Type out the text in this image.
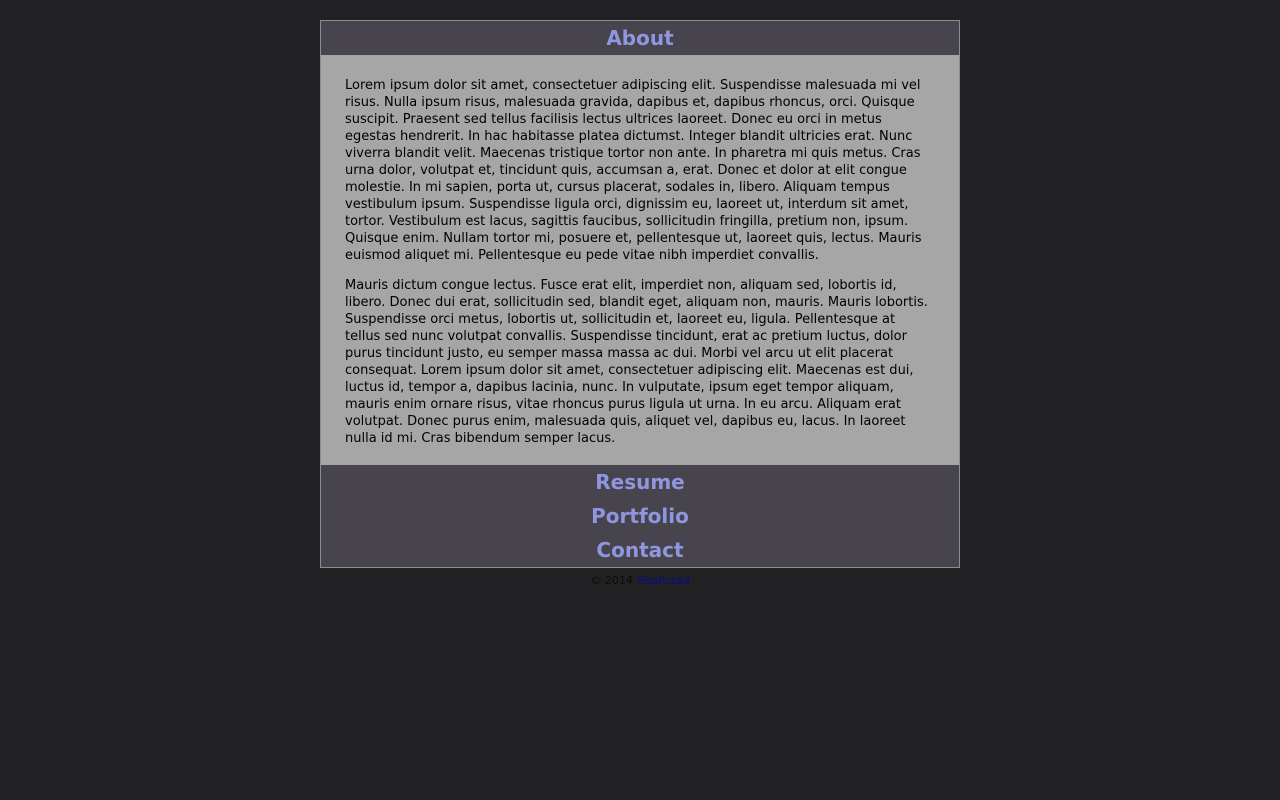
About

Lorem ipsum dolor sit amet, consectetuer adipiscing elit. Suspendisse malesuada mi vel risus. Nulla ipsum risus, malesuada gravida, dapibus et, dapibus rhoncus, orci. Quisque suscipit. Praesent sed tellus facilisis lectus ultrices laoreet. Donec eu orci in metus egestas hendrerit. In hac habitasse platea dictumst. Integer blandit ultricies erat. Nunc viverra blandit velit. Maecenas tristique tortor non ante. In pharetra mi quis metus. Cras urna dolor, volutpat et, tincidunt quis, accumsan a, erat. Donec et dolor at elit congue molestie. In mi sapien, porta ut, cursus placerat, sodales in, libero. Aliquam tempus vestibulum ipsum. Suspendisse ligula orci, dignissim eu, laoreet ut, interdum sit amet, tortor. Vestibulum est lacus, sagittis faucibus, sollicitudin fringilla, pretium non, ipsum. Quisque enim. Nullam tortor mi, posuere et, pellentesque ut, laoreet quis, lectus. Mauris euismod aliquet mi. Pellentesque eu pede vitae nibh imperdiet convallis.

Mauris dictum congue lectus. Fusce erat elit, imperdiet non, aliquam sed, lobortis id, libero. Donec dui erat, sollicitudin sed, blandit eget, aliquam non, mauris. Mauris lobortis. Suspendisse orci metus, lobortis ut, sollicitudin et, laoreet eu, ligula. Pellentesque at tellus sed nunc volutpat convallis. Suspendisse tincidunt, erat ac pretium luctus, dolor purus tincidunt justo, eu semper massa massa ac dui. Morbi vel arcu ut elit placerat consequat. Lorem ipsum dolor sit amet, consectetuer adipiscing elit. Maecenas est dui, luctus id, tempor a, dapibus lacinia, nunc. In vulputate, ipsum eget tempor aliquam, mauris enim ornare risus, vitae rhoncus purus ligula ut urna. In eu arcu. Aliquam erat volutpat. Donec purus enim, malesuada quis, aliquet vel, dapibus eu, lacus. In laoreet nulla id mi. Cras bibendum semper lacus.

Resume
Portfolio
Contact
© 2014 Shahrzad
